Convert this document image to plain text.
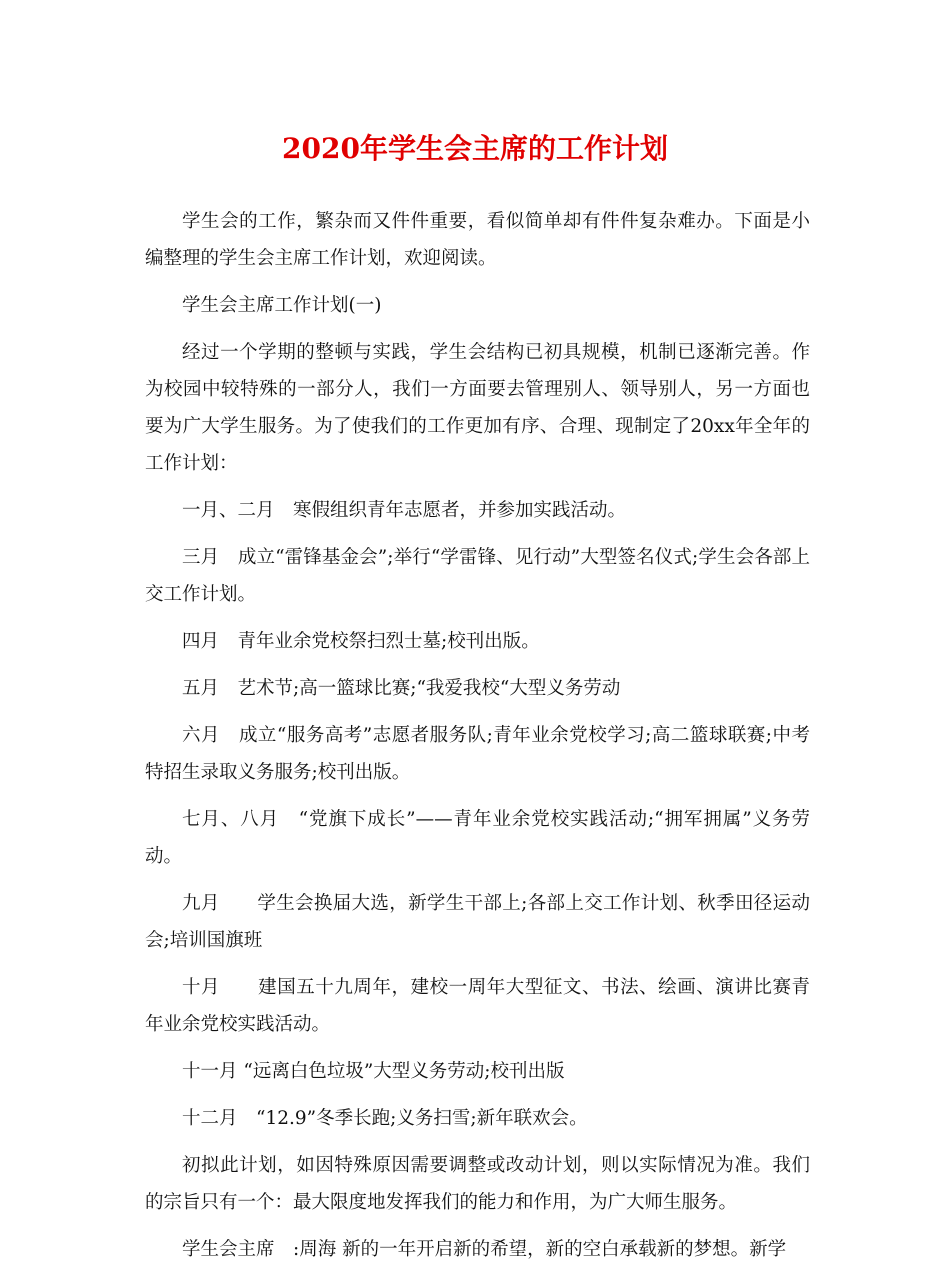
2020年学生会主席的工作计划

学生会的工作，繁杂而又件件重要，看似简单却有件件复杂难办。下面是小编整理的学生会主席工作计划，欢迎阅读。

学生会主席工作计划(一)

经过一个学期的整顿与实践，学生会结构已初具规模，机制已逐渐完善。作为校园中较特殊的一部分人，我们一方面要去管理别人、领导别人，另一方面也要为广大学生服务。为了使我们的工作更加有序、合理、现制定了20xx年全年的工作计划：

一月、二月　寒假组织青年志愿者，并参加实践活动。

三月　成立“雷锋基金会”;举行“学雷锋、见行动”大型签名仪式;学生会各部上交工作计划。

四月　青年业余党校祭扫烈士墓;校刊出版。

五月　艺术节;高一篮球比赛;“我爱我校“大型义务劳动

六月　成立“服务高考”志愿者服务队;青年业余党校学习;高二篮球联赛;中考特招生录取义务服务;校刊出版。

七月、八月　“党旗下成长”——青年业余党校实践活动;“拥军拥属”义务劳动。

九月　　学生会换届大选，新学生干部上;各部上交工作计划、秋季田径运动会;培训国旗班

十月　　建国五十九周年，建校一周年大型征文、书法、绘画、演讲比赛青年业余党校实践活动。

十一月 “远离白色垃圾”大型义务劳动;校刊出版

十二月　“12.9”冬季长跑;义务扫雪;新年联欢会。

初拟此计划，如因特殊原因需要调整或改动计划，则以实际情况为准。我们的宗旨只有一个：最大限度地发挥我们的能力和作用，为广大师生服务。

学生会主席　:周海 新的一年开启新的希望，新的空白承载新的梦想。新学
